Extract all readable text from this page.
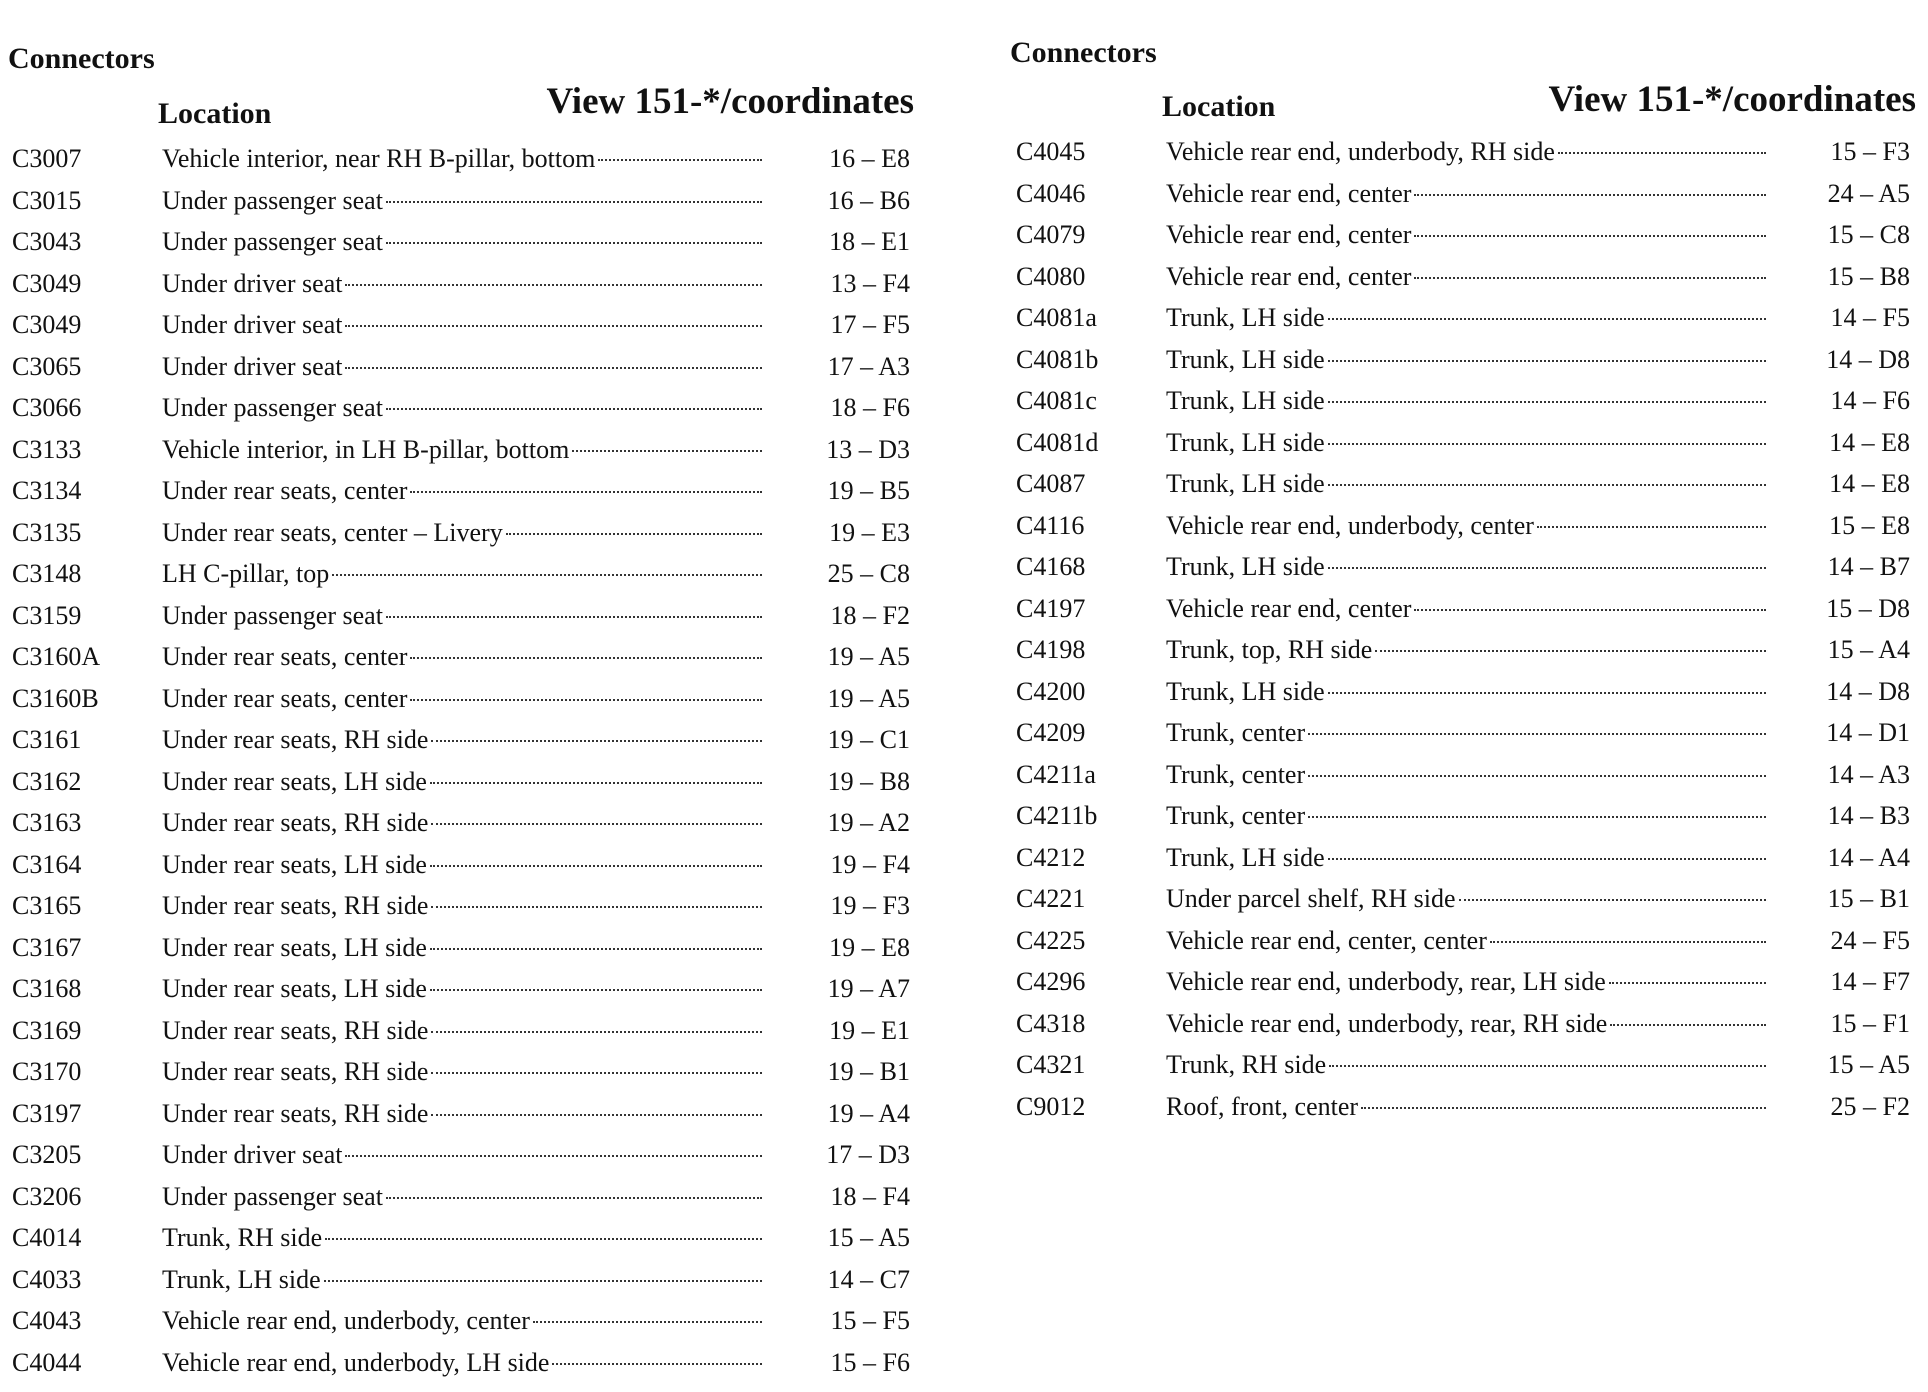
Connectors
Location	View 151-*/coordinates
C3007	Vehicle interior, near RH B-pillar, bottom	16 – E8
C3015	Under passenger seat	16 – B6
C3043	Under passenger seat	18 – E1
C3049	Under driver seat	13 – F4
C3049	Under driver seat	17 – F5
C3065	Under driver seat	17 – A3
C3066	Under passenger seat	18 – F6
C3133	Vehicle interior, in LH B-pillar, bottom	13 – D3
C3134	Under rear seats, center	19 – B5
C3135	Under rear seats, center – Livery	19 – E3
C3148	LH C-pillar, top	25 – C8
C3159	Under passenger seat	18 – F2
C3160A Under rear seats, center	19 – A5
C3160B Under rear seats, center	19 – A5
C3161	Under rear seats, RH side	19 – C1
C3162	Under rear seats, LH side	19 – B8
C3163	Under rear seats, RH side	19 – A2
C3164	Under rear seats, LH side	19 – F4
C3165	Under rear seats, RH side	19 – F3
C3167	Under rear seats, LH side	19 – E8
C3168	Under rear seats, LH side	19 – A7
C3169	Under rear seats, RH side	19 – E1
C3170	Under rear seats, RH side	19 – B1
C3197	Under rear seats, RH side	19 – A4
C3205	Under driver seat	17 – D3
C3206	Under passenger seat	18 – F4
C4014	Trunk, RH side	15 – A5
C4033	Trunk, LH side	14 – C7
C4043	Vehicle rear end, underbody, center	15 – F5
C4044	Vehicle rear end, underbody, LH side	15 – F6
Connectors
Location	View 151-*/coordinates
C4045	Vehicle rear end, underbody, RH side	15 – F3
C4046	Vehicle rear end, center	24 – A5
C4079	Vehicle rear end, center	15 – C8
C4080	Vehicle rear end, center	15 – B8
C4081a	Trunk, LH side	14 – F5
C4081b	Trunk, LH side	14 – D8
C4081c	Trunk, LH side	14 – F6
C4081d	Trunk, LH side	14 – E8
C4087	Trunk, LH side	14 – E8
C4116	Vehicle rear end, underbody, center	15 – E8
C4168	Trunk, LH side	14 – B7
C4197	Vehicle rear end, center	15 – D8
C4198	Trunk, top, RH side	15 – A4
C4200	Trunk, LH side	14 – D8
C4209	Trunk, center	14 – D1
C4211a	Trunk, center	14 – A3
C4211b	Trunk, center	14 – B3
C4212	Trunk, LH side	14 – A4
C4221	Under parcel shelf, RH side	15 – B1
C4225	Vehicle rear end, center, center	24 – F5
C4296	Vehicle rear end, underbody, rear, LH side	14 – F7
C4318	Vehicle rear end, underbody, rear, RH side	15 – F1
C4321	Trunk, RH side	15 – A5
C9012	Roof, front, center	25 – F2
